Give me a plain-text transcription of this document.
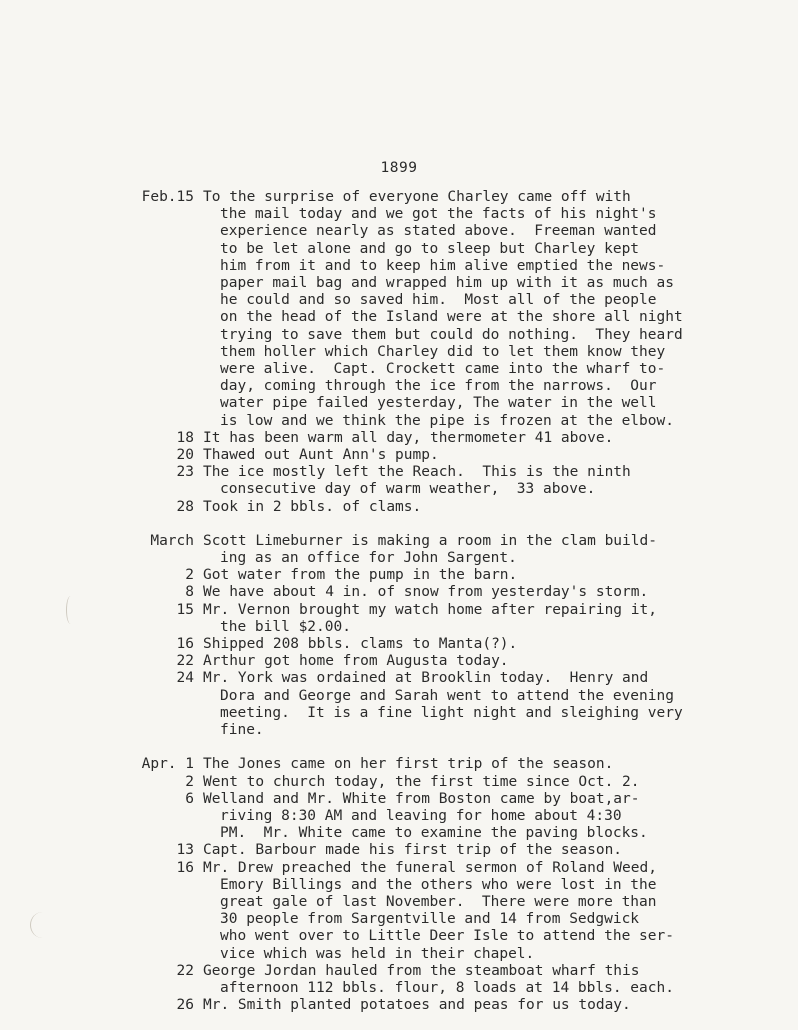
1899
Feb.15 To the surprise of everyone Charley came off with
the mail today and we got the facts of his night's
experience nearly as stated above.  Freeman wanted
to be let alone and go to sleep but Charley kept
him from it and to keep him alive emptied the news-
paper mail bag and wrapped him up with it as much as
he could and so saved him.  Most all of the people
on the head of the Island were at the shore all night
trying to save them but could do nothing.  They heard
them holler which Charley did to let them know they
were alive.  Capt. Crockett came into the wharf to-
day, coming through the ice from the narrows.  Our
water pipe failed yesterday, The water in the well
is low and we think the pipe is frozen at the elbow.
18 It has been warm all day, thermometer 41 above.
20 Thawed out Aunt Ann's pump.
23 The ice mostly left the Reach.  This is the ninth
consecutive day of warm weather,  33 above.
28 Took in 2 bbls. of clams.
March Scott Limeburner is making a room in the clam build-
ing as an office for John Sargent.
2 Got water from the pump in the barn.
8 We have about 4 in. of snow from yesterday's storm.
15 Mr. Vernon brought my watch home after repairing it,
the bill $2.00.
16 Shipped 208 bbls. clams to Manta(?).
22 Arthur got home from Augusta today.
24 Mr. York was ordained at Brooklin today.  Henry and
Dora and George and Sarah went to attend the evening
meeting.  It is a fine light night and sleighing very
fine.
Apr. 1 The Jones came on her first trip of the season.
2 Went to church today, the first time since Oct. 2.
6 Welland and Mr. White from Boston came by boat,ar-
riving 8:30 AM and leaving for home about 4:30
PM.  Mr. White came to examine the paving blocks.
13 Capt. Barbour made his first trip of the season.
16 Mr. Drew preached the funeral sermon of Roland Weed,
Emory Billings and the others who were lost in the
great gale of last November.  There were more than
30 people from Sargentville and 14 from Sedgwick
who went over to Little Deer Isle to attend the ser-
vice which was held in their chapel.
22 George Jordan hauled from the steamboat wharf this
afternoon 112 bbls. flour, 8 loads at 14 bbls. each.
26 Mr. Smith planted potatoes and peas for us today.
